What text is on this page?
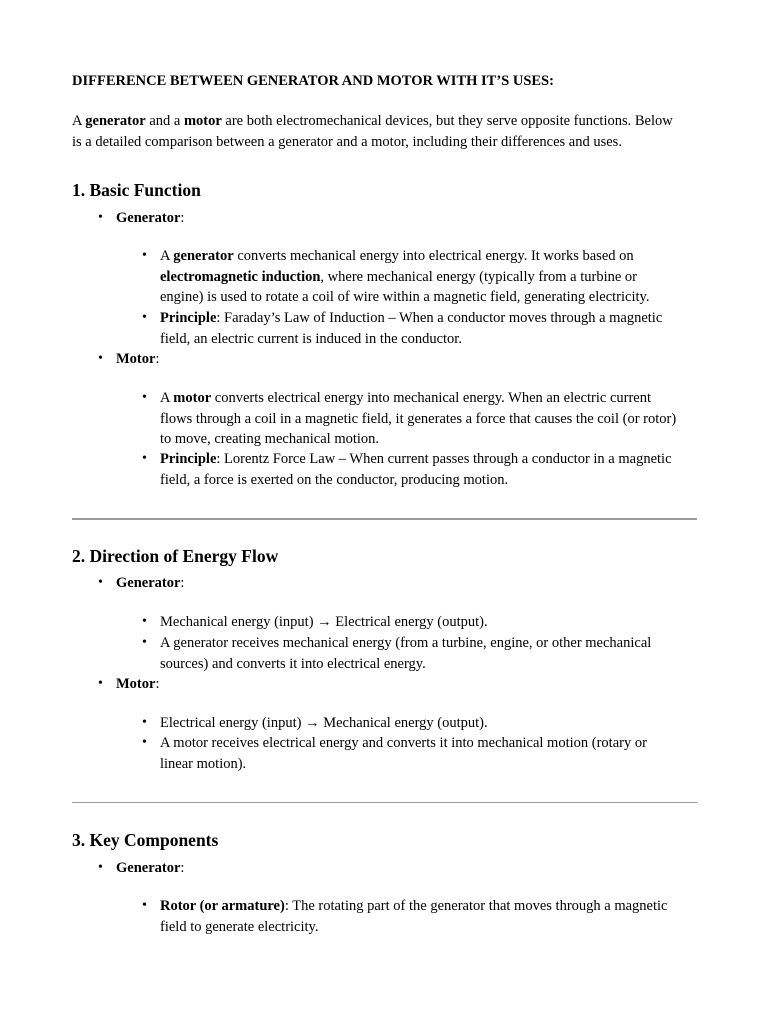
DIFFERENCE BETWEEN GENERATOR AND MOTOR WITH IT’S USES:
A generator and a motor are both electromechanical devices, but they serve opposite functions. Below
is a detailed comparison between a generator and a motor, including their differences and uses.
1. Basic Function
• Generator:
• A generator converts mechanical energy into electrical energy. It works based on
electromagnetic induction, where mechanical energy (typically from a turbine or
engine) is used to rotate a coil of wire within a magnetic field, generating electricity.
• Principle: Faraday’s Law of Induction – When a conductor moves through a magnetic
field, an electric current is induced in the conductor.
• Motor:
• A motor converts electrical energy into mechanical energy. When an electric current
flows through a coil in a magnetic field, it generates a force that causes the coil (or rotor)
to move, creating mechanical motion.
• Principle: Lorentz Force Law – When current passes through a conductor in a magnetic
field, a force is exerted on the conductor, producing motion.
2. Direction of Energy Flow
• Generator:
• Mechanical energy (input) → Electrical energy (output).
• A generator receives mechanical energy (from a turbine, engine, or other mechanical
sources) and converts it into electrical energy.
• Motor:
• Electrical energy (input) → Mechanical energy (output).
• A motor receives electrical energy and converts it into mechanical motion (rotary or
linear motion).
3. Key Components
• Generator:
• Rotor (or armature): The rotating part of the generator that moves through a magnetic
field to generate electricity.
